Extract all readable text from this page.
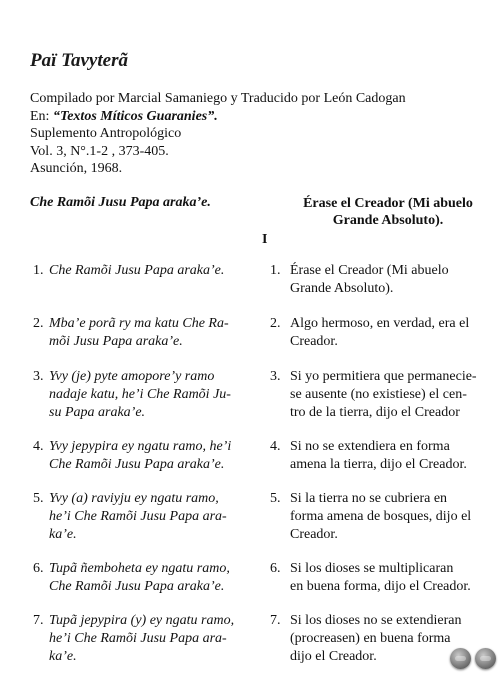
Paï Tavyterã
Compilado por Marcial Samaniego y Traducido por León Cadogan
En: “Textos Míticos Guaranies”.
Suplemento Antropológico
Vol. 3, N°.1-2 , 373-405.
Asunción, 1968.
Che Ramõi Jusu Papa araka’e.	Érase el Creador (Mi abuelo
Grande Absoluto).
I
1. Che Ramõi Jusu Papa araka’e.	1. Érase el Creador (Mi abuelo
Grande Absoluto).
2. Mba’e porã ry ma katu Che Ra-
mõi Jusu Papa araka’e.
2. Algo hermoso, en verdad, era el
Creador.
3. Yvy (je) pyte amopore’y ramo
nadaje katu, he’i Che Ramõi Ju-
su Papa araka’e.
3. Si yo permitiera que permanecie-
se ausente (no existiese) el cen-
tro de la tierra, dijo el Creador
4. Yvy jepypira ey ngatu ramo, he’i
Che Ramõi Jusu Papa araka’e.
4. Si no se extendiera en forma
amena la tierra, dijo el Creador.
5. Yvy (a) raviyju ey ngatu ramo,
he’i Che Ramõi Jusu Papa ara-
ka’e.
5. Si la tierra no se cubriera en
forma amena de bosques, dijo el
Creador.
6. Tupã ñemboheta ey ngatu ramo,
Che Ramõi Jusu Papa araka’e.
6. Si los dioses se multiplicaran
en buena forma, dijo el Creador.
7. Tupã jepypira (y) ey ngatu ramo,
he’i Che Ramõi Jusu Papa ara-
ka’e.
7. Si los dioses no se extendieran
(procreasen) en buena forma
dijo el Creador.
